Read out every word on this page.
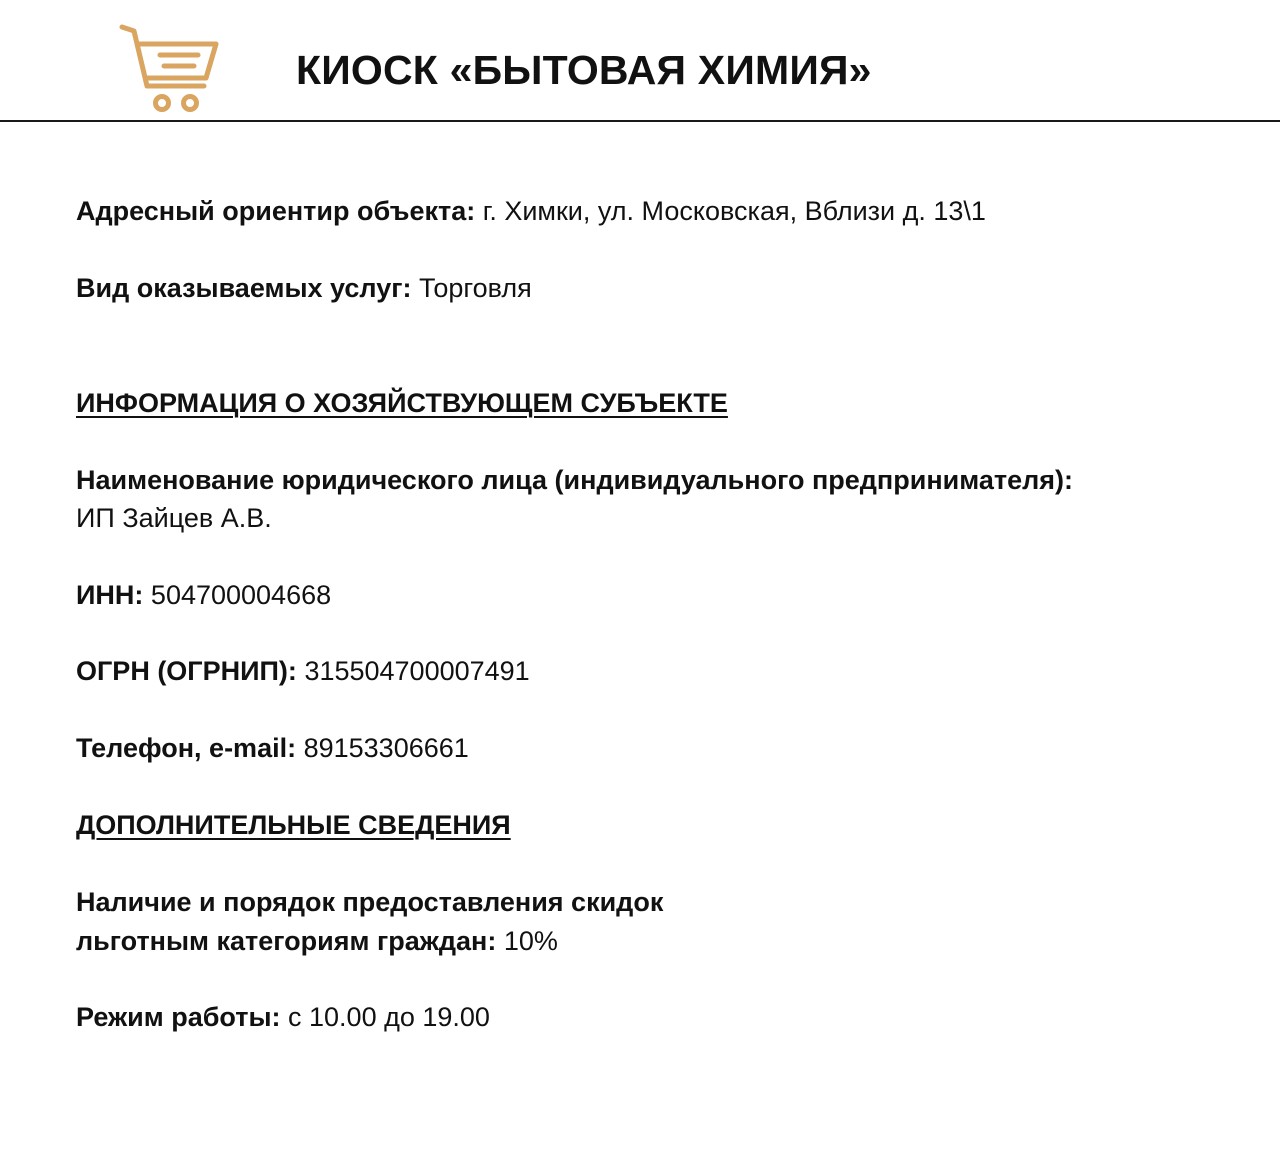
КИОСК «БЫТОВАЯ ХИМИЯ»
Адресный ориентир объекта: г. Химки, ул. Московская, Вблизи д. 13\1
Вид оказываемых услуг: Торговля
ИНФОРМАЦИЯ О ХОЗЯЙСТВУЮЩЕМ СУБЪЕКТЕ
Наименование юридического лица (индивидуального предпринимателя):
ИП Зайцев А.В.
ИНН: 504700004668
ОГРН (ОГРНИП): 315504700007491
Телефон, e-mail: 89153306661
ДОПОЛНИТЕЛЬНЫЕ СВЕДЕНИЯ
Наличие и порядок предоставления скидок
льготным категориям граждан: 10%
Режим работы: с 10.00 до 19.00
